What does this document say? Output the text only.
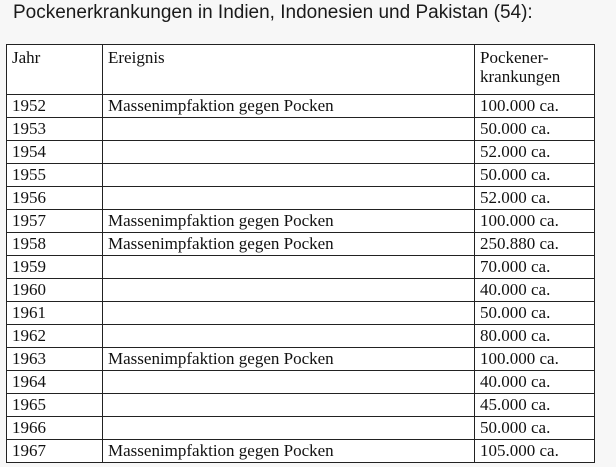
Pockenerkrankungen in Indien, Indonesien und Pakistan (54):
Jahr	Ereignis	Pockener-
krankungen
1952	Massenimpfaktion gegen Pocken	100.000 ca.
1953		50.000 ca.
1954		52.000 ca.
1955		50.000 ca.
1956		52.000 ca.
1957	Massenimpfaktion gegen Pocken	100.000 ca.
1958	Massenimpfaktion gegen Pocken	250.880 ca.
1959		70.000 ca.
1960		40.000 ca.
1961		50.000 ca.
1962		80.000 ca.
1963	Massenimpfaktion gegen Pocken	100.000 ca.
1964		40.000 ca.
1965		45.000 ca.
1966		50.000 ca.
1967	Massenimpfaktion gegen Pocken	105.000 ca.
